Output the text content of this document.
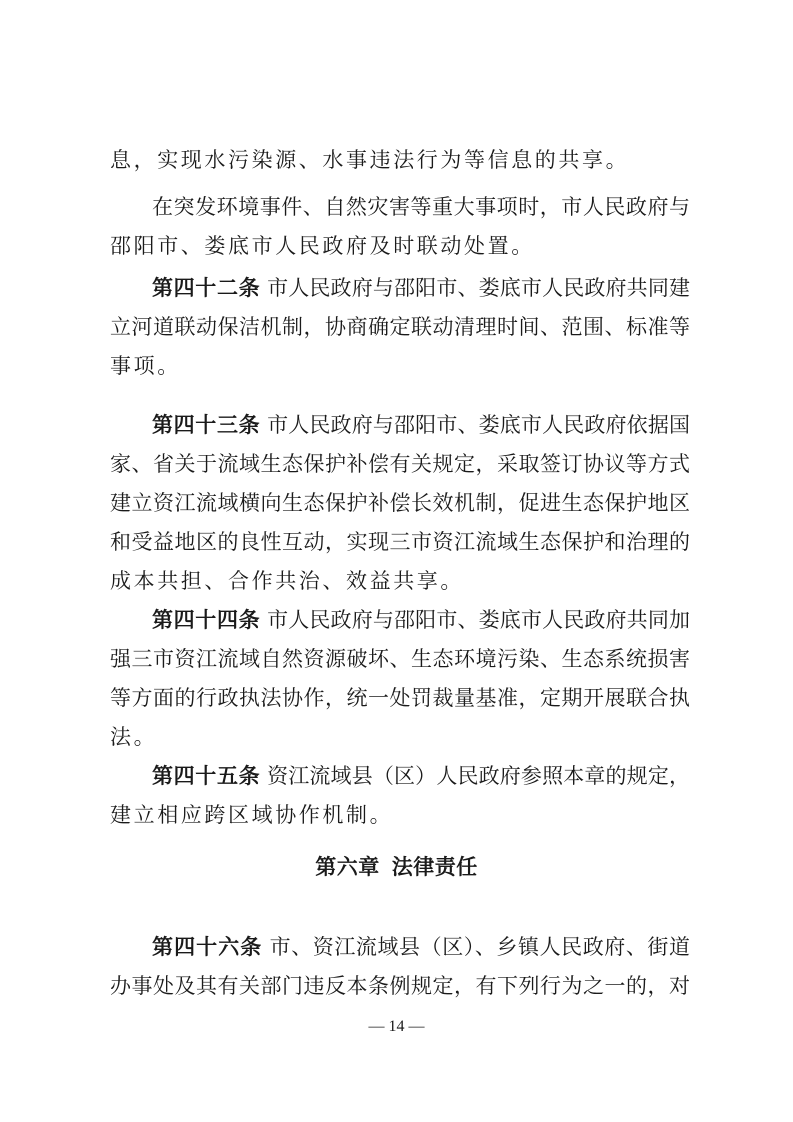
息，实现水污染源、水事违法行为等信息的共享。
在突发环境事件、自然灾害等重大事项时，市人民政府与
邵阳市、娄底市人民政府及时联动处置。
第四十二条 市人民政府与邵阳市、娄底市人民政府共同建
立河道联动保洁机制，协商确定联动清理时间、范围、标准等
事项。
第四十三条 市人民政府与邵阳市、娄底市人民政府依据国
家、省关于流域生态保护补偿有关规定，采取签订协议等方式
建立资江流域横向生态保护补偿长效机制，促进生态保护地区
和受益地区的良性互动，实现三市资江流域生态保护和治理的
成本共担、合作共治、效益共享。
第四十四条 市人民政府与邵阳市、娄底市人民政府共同加
强三市资江流域自然资源破坏、生态环境污染、生态系统损害
等方面的行政执法协作，统一处罚裁量基准，定期开展联合执
法。
第四十五条 资江流域县（区）人民政府参照本章的规定，
建立相应跨区域协作机制。
第六章 法律责任
第四十六条 市、资江流域县（区）、乡镇人民政府、街道
办事处及其有关部门违反本条例规定，有下列行为之一的，对
— 14 —
